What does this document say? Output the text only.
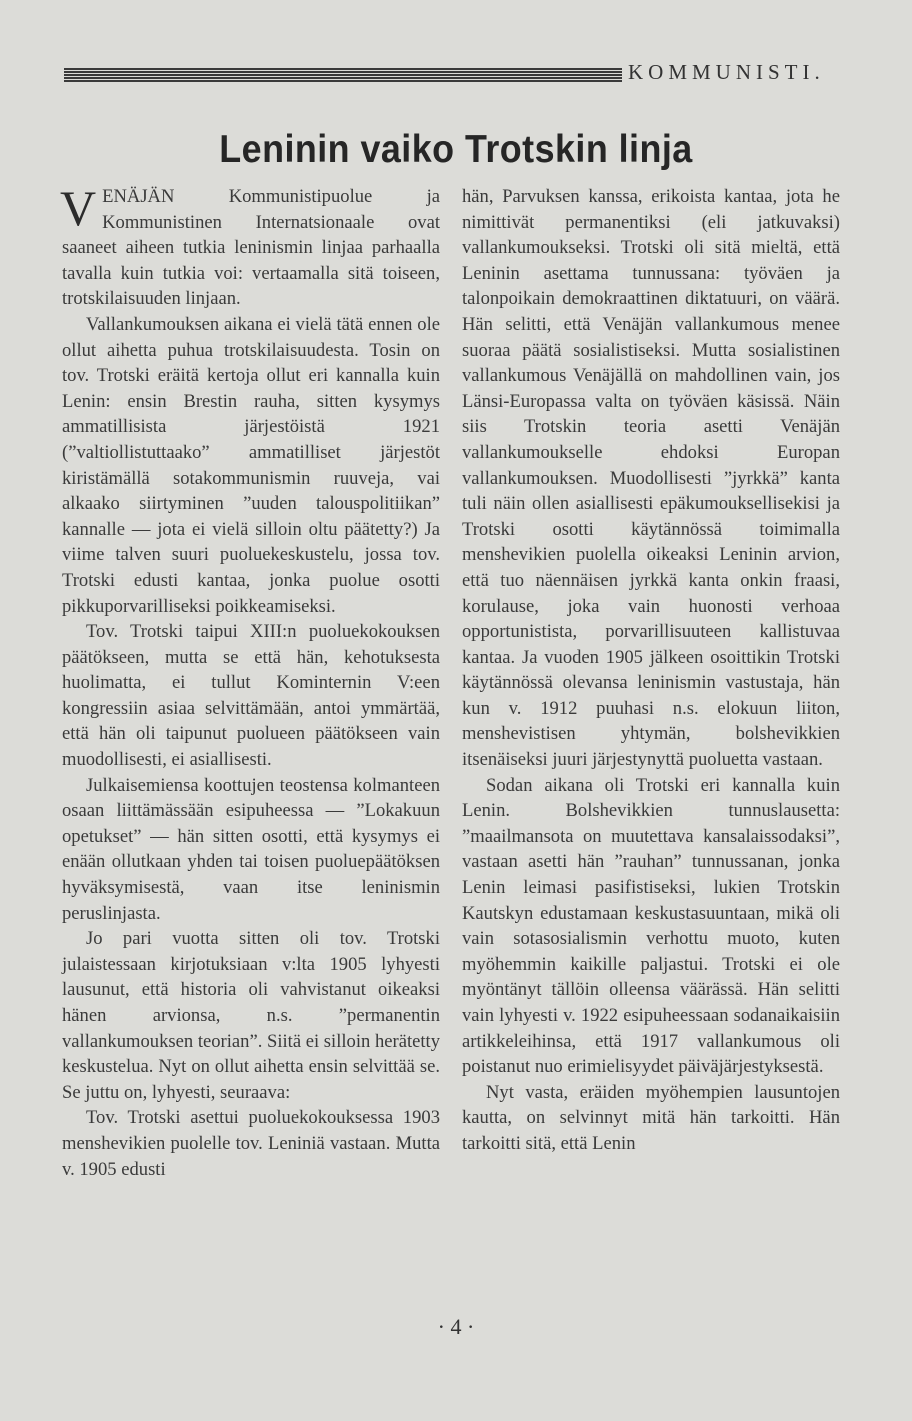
KOMMUNISTI.
Leninin vaiko Trotskin linja

VENÄJÄN Kommunistipuolue ja Kommunistinen Internatsionaale ovat saaneet aiheen tutkia leninismin linjaa parhaalla tavalla kuin tutkia voi: vertaamalla sitä toiseen, trotskilaisuuden linjaan.

Vallankumouksen aikana ei vielä tätä ennen ole ollut aihetta puhua trotskilaisuudesta. Tosin on tov. Trotski eräitä kertoja ollut eri kannalla kuin Lenin: ensin Brestin rauha, sitten kysymys ammatillisista järjestöistä 1921 (”valtiollistuttaako” ammatilliset järjestöt kiristämällä sotakommunismin ruuveja, vai alkaako siirtyminen ”uuden talouspolitiikan” kannalle — jota ei vielä silloin oltu päätetty?) Ja viime talven suuri puoluekeskustelu, jossa tov. Trotski edusti kantaa, jonka puolue osotti pikkuporvarilliseksi poikkeamiseksi.

Tov. Trotski taipui XIII:n puoluekokouksen päätökseen, mutta se että hän, kehotuksesta huolimatta, ei tullut Kominternin V:een kongressiin asiaa selvittämään, antoi ymmärtää, että hän oli taipunut puolueen päätökseen vain muodollisesti, ei asiallisesti.

Julkaisemiensa koottujen teostensa kolmanteen osaan liittämässään esipuheessa — ”Lokakuun opetukset” — hän sitten osotti, että kysymys ei enään ollutkaan yhden tai toisen puoluepäätöksen hyväksymisestä, vaan itse leninismin peruslinjasta.

Jo pari vuotta sitten oli tov. Trotski julaistessaan kirjotuksiaan v:lta 1905 lyhyesti lausunut, että historia oli vahvistanut oikeaksi hänen arvionsa, n.s. ”permanentin vallankumouksen teorian”. Siitä ei silloin herätetty keskustelua. Nyt on ollut aihetta ensin selvittää se. Se juttu on, lyhyesti, seuraava:

Tov. Trotski asettui puoluekokouksessa 1903 menshevikien puolelle tov. Leniniä vastaan. Mutta v. 1905 edusti

hän, Parvuksen kanssa, erikoista kantaa, jota he nimittivät permanentiksi (eli jatkuvaksi) vallankumoukseksi. Trotski oli sitä mieltä, että Leninin asettama tunnussana: työväen ja talonpoikain demokraattinen diktatuuri, on väärä. Hän selitti, että Venäjän vallankumous menee suoraa päätä sosialistiseksi. Mutta sosialistinen vallankumous Venäjällä on mahdollinen vain, jos Länsi-Europassa valta on työväen käsissä. Näin siis Trotskin teoria asetti Venäjän vallankumoukselle ehdoksi Europan vallankumouksen. Muodollisesti ”jyrkkä” kanta tuli näin ollen asiallisesti epäkumouksellisekisi ja Trotski osotti käytännössä toimimalla menshevikien puolella oikeaksi Leninin arvion, että tuo näennäisen jyrkkä kanta onkin fraasi, korulause, joka vain huonosti verhoaa opportunistista, porvarillisuuteen kallistuvaa kantaa. Ja vuoden 1905 jälkeen osoittikin Trotski käytännössä olevansa leninismin vastustaja, hän kun v. 1912 puuhasi n.s. elokuun liiton, menshevistisen yhtymän, bolshevikkien itsenäiseksi juuri järjestynyttä puoluetta vastaan.

Sodan aikana oli Trotski eri kannalla kuin Lenin. Bolshevikkien tunnuslausetta: ”maailmansota on muutettava kansalaissodaksi”, vastaan asetti hän ”rauhan” tunnussanan, jonka Lenin leimasi pasifistiseksi, lukien Trotskin Kautskyn edustamaan keskustasuuntaan, mikä oli vain sotasosialismin verhottu muoto, kuten myöhemmin kaikille paljastui. Trotski ei ole myöntänyt tällöin olleensa väärässä. Hän selitti vain lyhyesti v. 1922 esipuheessaan sodanaikaisiin artikkeleihinsa, että 1917 vallankumous oli poistanut nuo erimielisyydet päiväjärjestyksestä.

Nyt vasta, eräiden myöhempien lausuntojen kautta, on selvinnyt mitä hän tarkoitti. Hän tarkoitti sitä, että Lenin

· 4 ·
